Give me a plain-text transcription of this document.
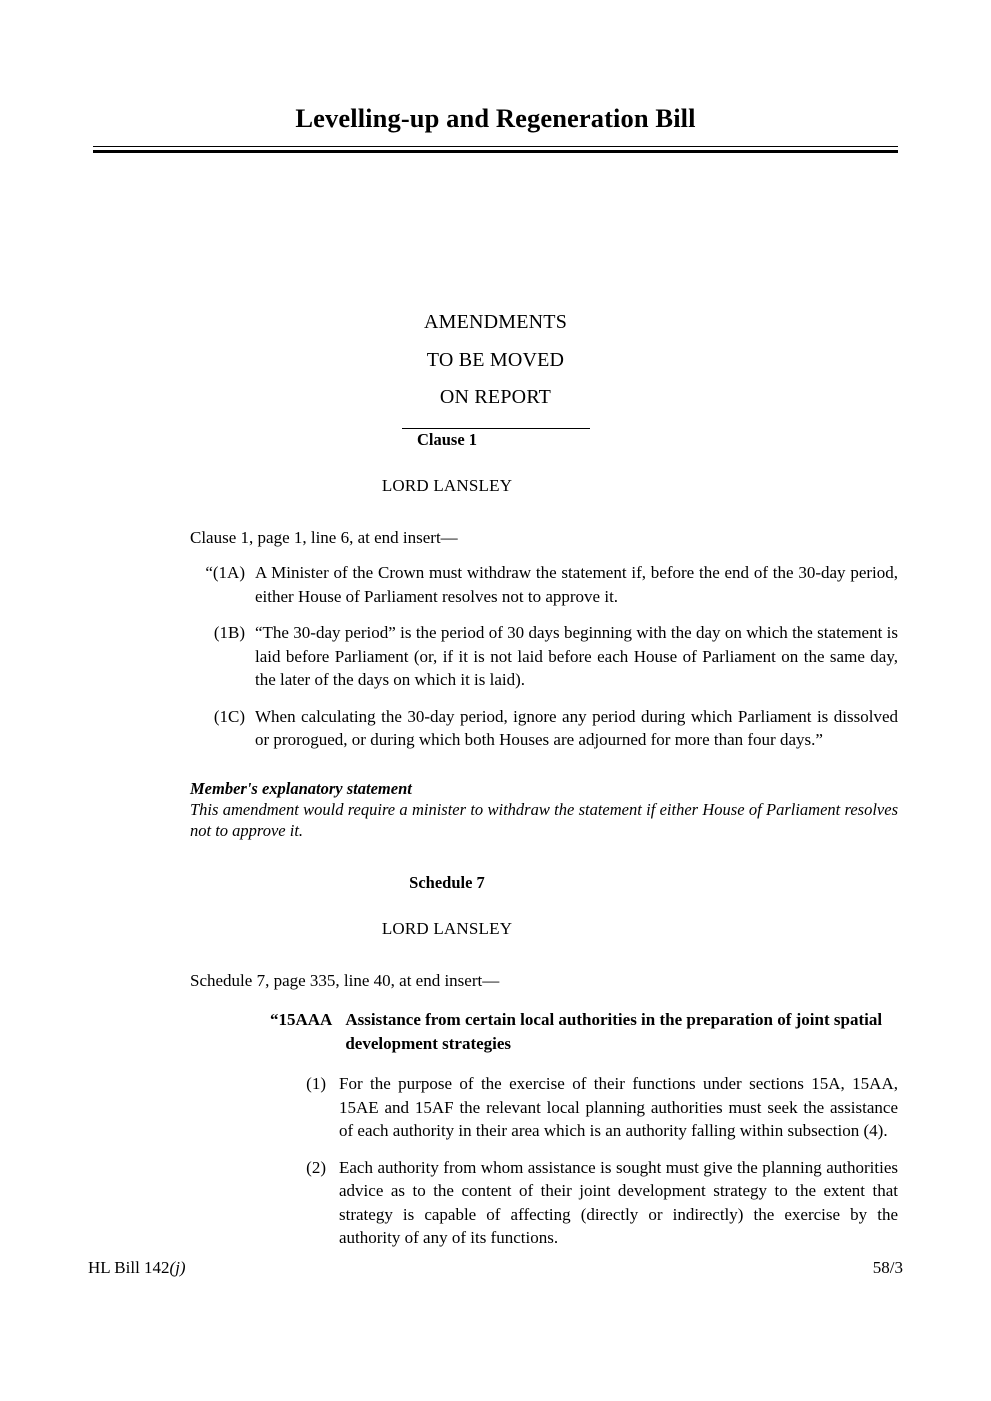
Levelling-up and Regeneration Bill
AMENDMENTS
TO BE MOVED
ON REPORT
Clause 1
LORD LANSLEY
Clause 1, page 1, line 6, at end insert—
“(1A) A Minister of the Crown must withdraw the statement if, before the end of the 30-day period, either House of Parliament resolves not to approve it.
(1B) “The 30-day period” is the period of 30 days beginning with the day on which the statement is laid before Parliament (or, if it is not laid before each House of Parliament on the same day, the later of the days on which it is laid).
(1C) When calculating the 30-day period, ignore any period during which Parliament is dissolved or prorogued, or during which both Houses are adjourned for more than four days.”
Member's explanatory statement
This amendment would require a minister to withdraw the statement if either House of Parliament resolves not to approve it.
Schedule 7
LORD LANSLEY
Schedule 7, page 335, line 40, at end insert—
“15AAA Assistance from certain local authorities in the preparation of joint spatial development strategies
(1) For the purpose of the exercise of their functions under sections 15A, 15AA, 15AE and 15AF the relevant local planning authorities must seek the assistance of each authority in their area which is an authority falling within subsection (4).
(2) Each authority from whom assistance is sought must give the planning authorities advice as to the content of their joint development strategy to the extent that strategy is capable of affecting (directly or indirectly) the exercise by the authority of any of its functions.
HL Bill 142(j)	58/3
